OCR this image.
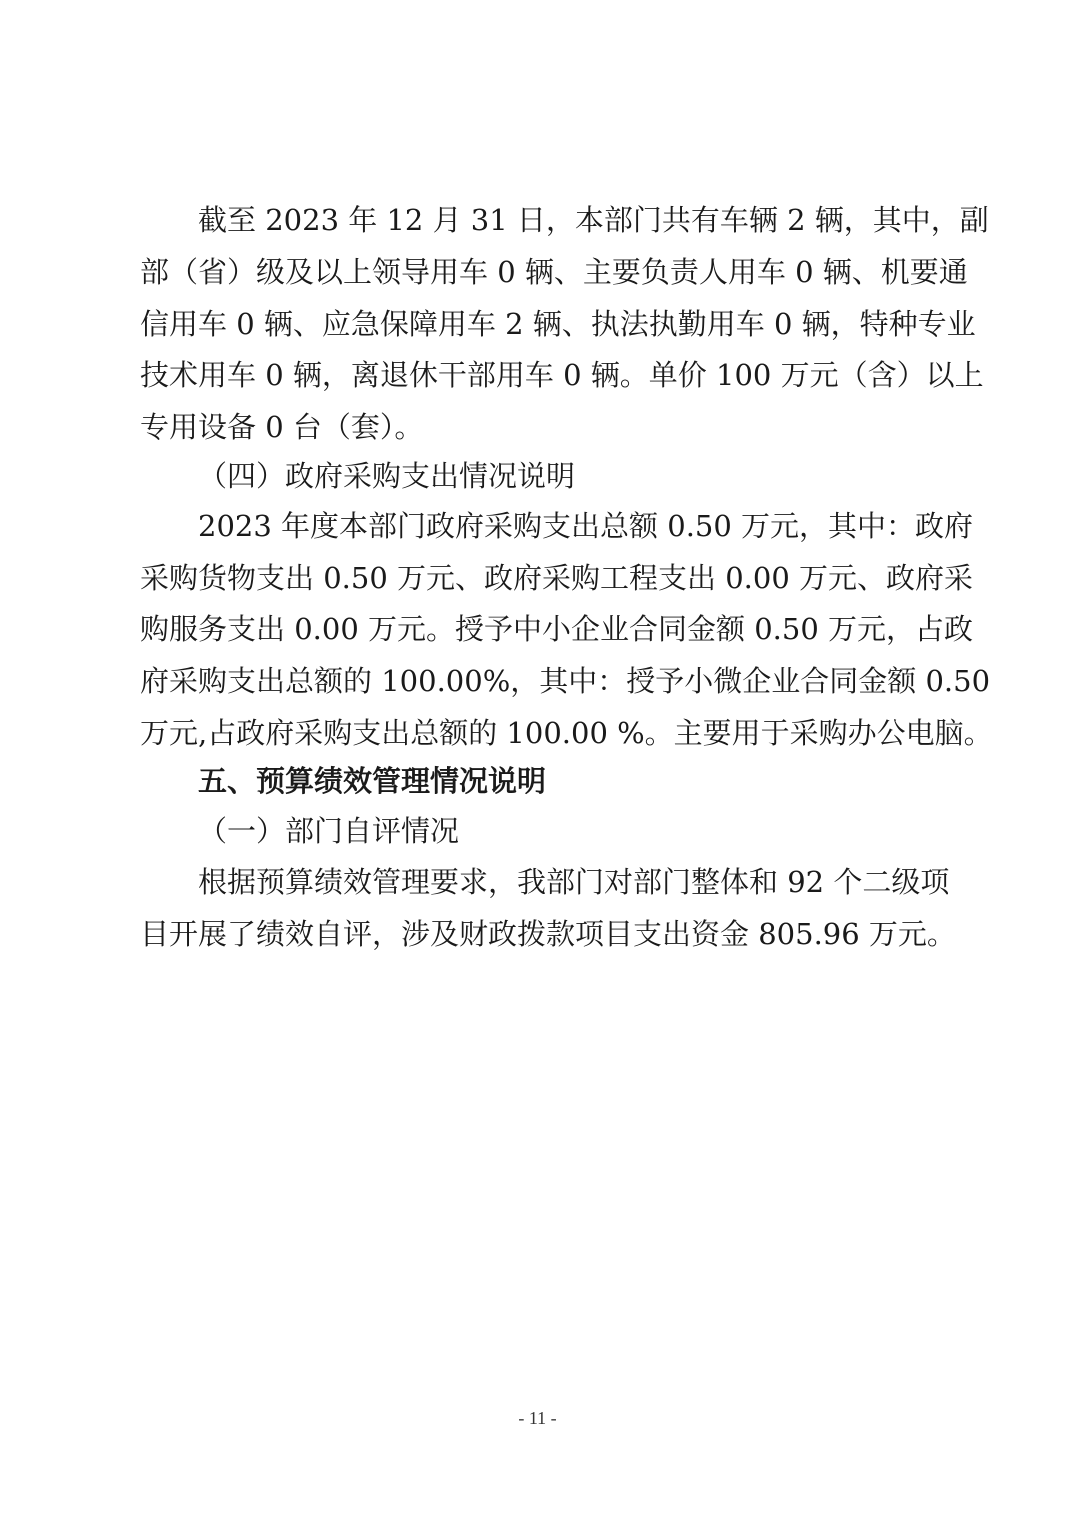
截至 2023 年 12 月 31 日，本部门共有车辆 2 辆，其中，副
部（省）级及以上领导用车 0 辆、主要负责人用车 0 辆、机要通
信用车 0 辆、应急保障用车 2 辆、执法执勤用车 0 辆，特种专业
技术用车 0 辆，离退休干部用车 0 辆。单价 100 万元（含）以上
专用设备 0 台（套）。
（四）政府采购支出情况说明
2023 年度本部门政府采购支出总额 0.50 万元，其中：政府
采购货物支出 0.50 万元、政府采购工程支出 0.00 万元、政府采
购服务支出 0.00 万元。授予中小企业合同金额 0.50 万元，占政
府采购支出总额的 100.00%，其中：授予小微企业合同金额 0.50
万元,占政府采购支出总额的 100.00 %。主要用于采购办公电脑。
五、预算绩效管理情况说明
（一）部门自评情况
根据预算绩效管理要求，我部门对部门整体和 92 个二级项
目开展了绩效自评，涉及财政拨款项目支出资金 805.96 万元。
- 11 -
